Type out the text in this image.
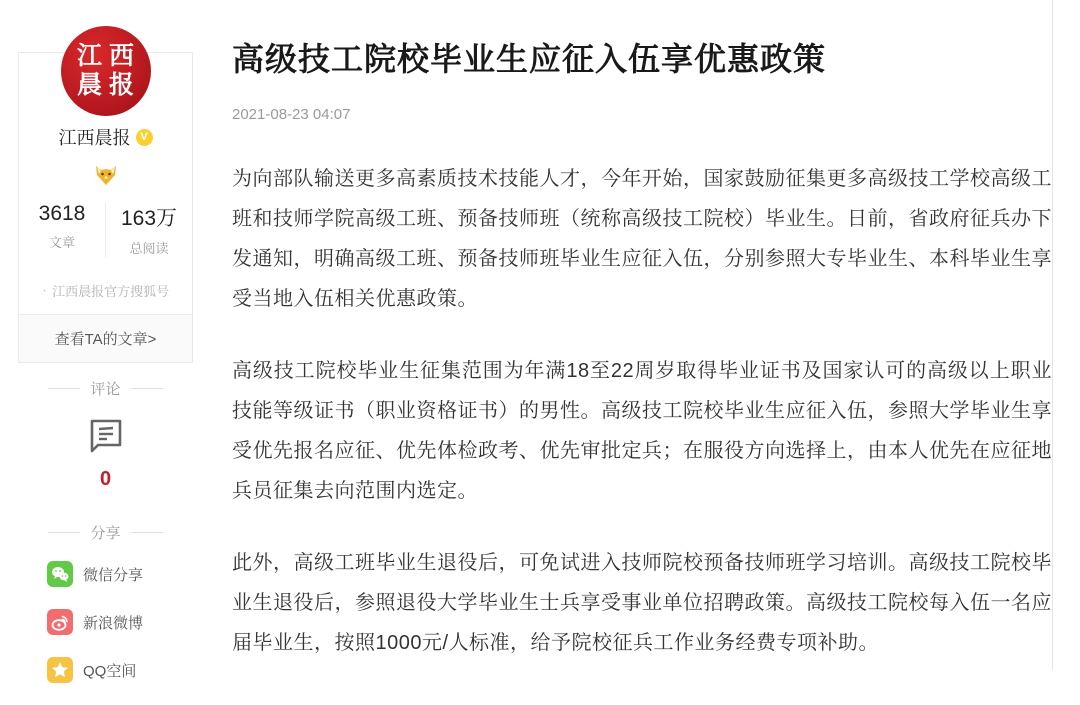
江西
晨报
江西晨报 V
3618
文章
163万
总阅读
· 江西晨报官方搜狐号
查看TA的文章>
评论
0
分享
微信分享
新浪微博
QQ空间
高级技工院校毕业生应征入伍享优惠政策
2021-08-23 04:07

为向部队输送更多高素质技术技能人才，今年开始，国家鼓励征集更多高级技工学校高级工班和技师学院高级工班、预备技师班（统称高级技工院校）毕业生。日前，省政府征兵办下发通知，明确高级工班、预备技师班毕业生应征入伍，分别参照大专毕业生、本科毕业生享受当地入伍相关优惠政策。

高级技工院校毕业生征集范围为年满18至22周岁取得毕业证书及国家认可的高级以上职业技能等级证书（职业资格证书）的男性。高级技工院校毕业生应征入伍，参照大学毕业生享受优先报名应征、优先体检政考、优先审批定兵；在服役方向选择上，由本人优先在应征地兵员征集去向范围内选定。

此外，高级工班毕业生退役后，可免试进入技师院校预备技师班学习培训。高级技工院校毕业生退役后，参照退役大学毕业生士兵享受事业单位招聘政策。高级技工院校每入伍一名应届毕业生，按照1000元/人标准，给予院校征兵工作业务经费专项补助。
